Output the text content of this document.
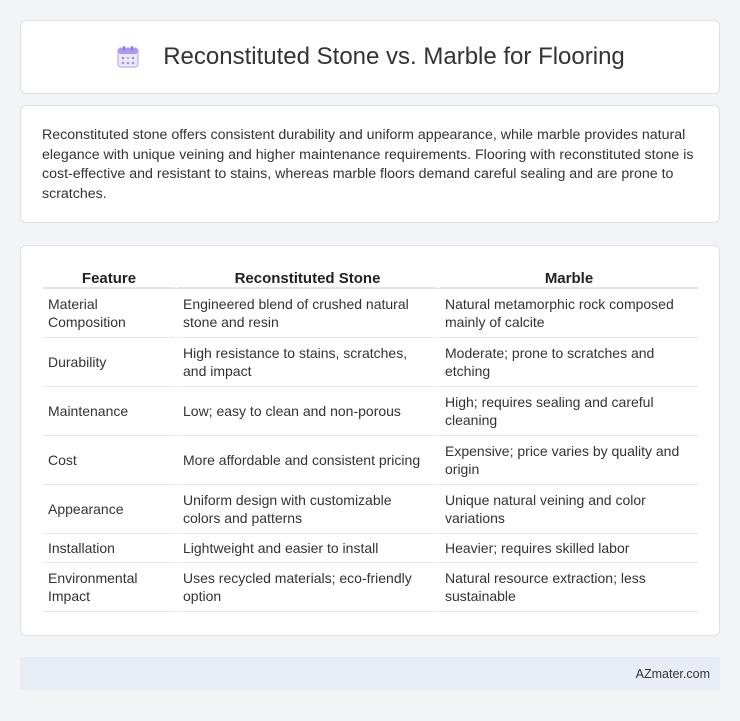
Reconstituted Stone vs. Marble for Flooring

Reconstituted stone offers consistent durability and uniform appearance, while marble provides natural elegance with unique veining and higher maintenance requirements. Flooring with reconstituted stone is cost-effective and resistant to stains, whereas marble floors demand careful sealing and are prone to scratches.

Feature	Reconstituted Stone	Marble
Material Composition	Engineered blend of crushed natural stone and resin	Natural metamorphic rock composed mainly of calcite
Durability	High resistance to stains, scratches, and impact	Moderate; prone to scratches and etching
Maintenance	Low; easy to clean and non-porous	High; requires sealing and careful cleaning
Cost	More affordable and consistent pricing	Expensive; price varies by quality and origin
Appearance	Uniform design with customizable colors and patterns	Unique natural veining and color variations
Installation	Lightweight and easier to install	Heavier; requires skilled labor
Environmental Impact	Uses recycled materials; eco-friendly option	Natural resource extraction; less sustainable
AZmater.com
